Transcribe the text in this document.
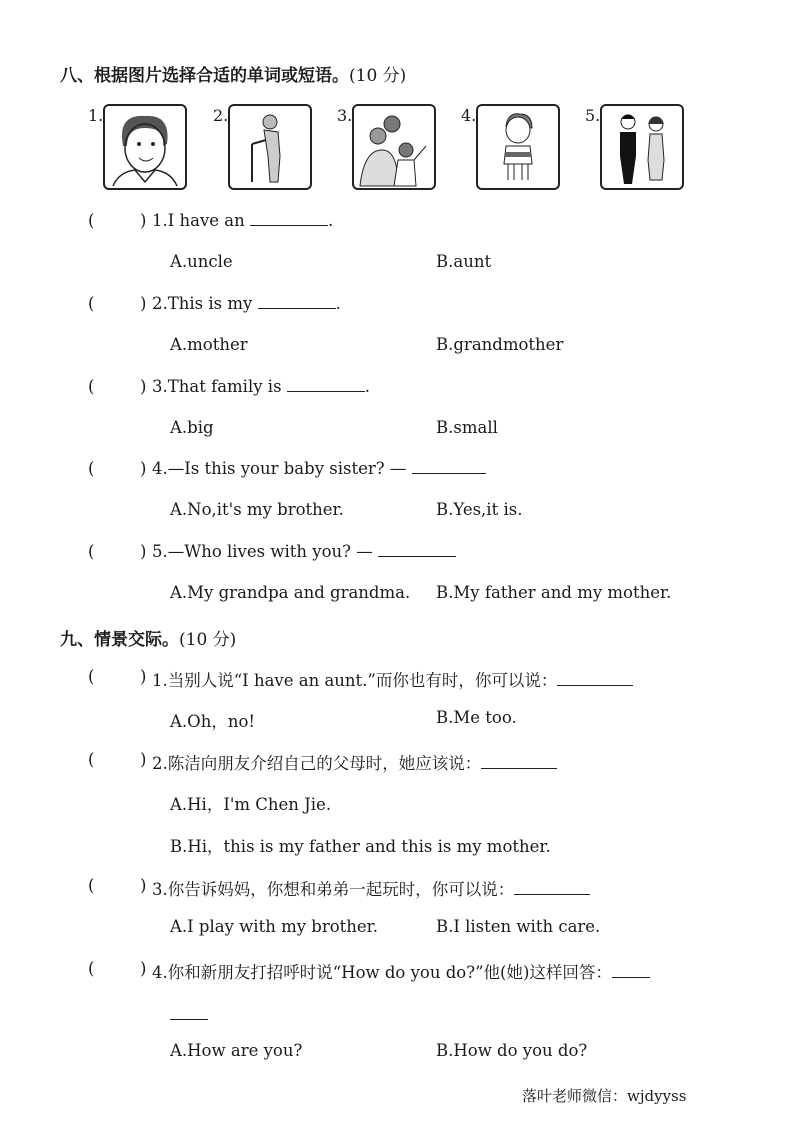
八、根据图片选择合适的单词或短语。(10 分)
1.	2.	3.	4.	5.
(	) 1.I have an	.
A.uncle	B.aunt
(	) 2.This is my	.
A.mother	B.grandmother
(	) 3.That family is	.
A.big	B.small
(	) 4.—Is this your baby sister? —
A.No,it's my brother.	B.Yes,it is.
(	) 5.—Who lives with you? —
A.My grandpa and grandma. B.My father and my mother.
九、情景交际。(10 分)
(	) 1.当别人说“I have an aunt.”而你也有时，你可以说：
A.Oh，no!	B.Me too.
(	) 2.陈洁向朋友介绍自己的父母时，她应该说：
A.Hi，I'm Chen Jie.
B.Hi，this is my father and this is my mother.
(	) 3.你告诉妈妈，你想和弟弟一起玩时，你可以说：
A.I play with my brother.	B.I listen with care.
(	) 4.你和新朋友打招呼时说“How do you do?”他(她)这样回答：
A.How are you?	B.How do you do?
落叶老师微信：wjdyyss
